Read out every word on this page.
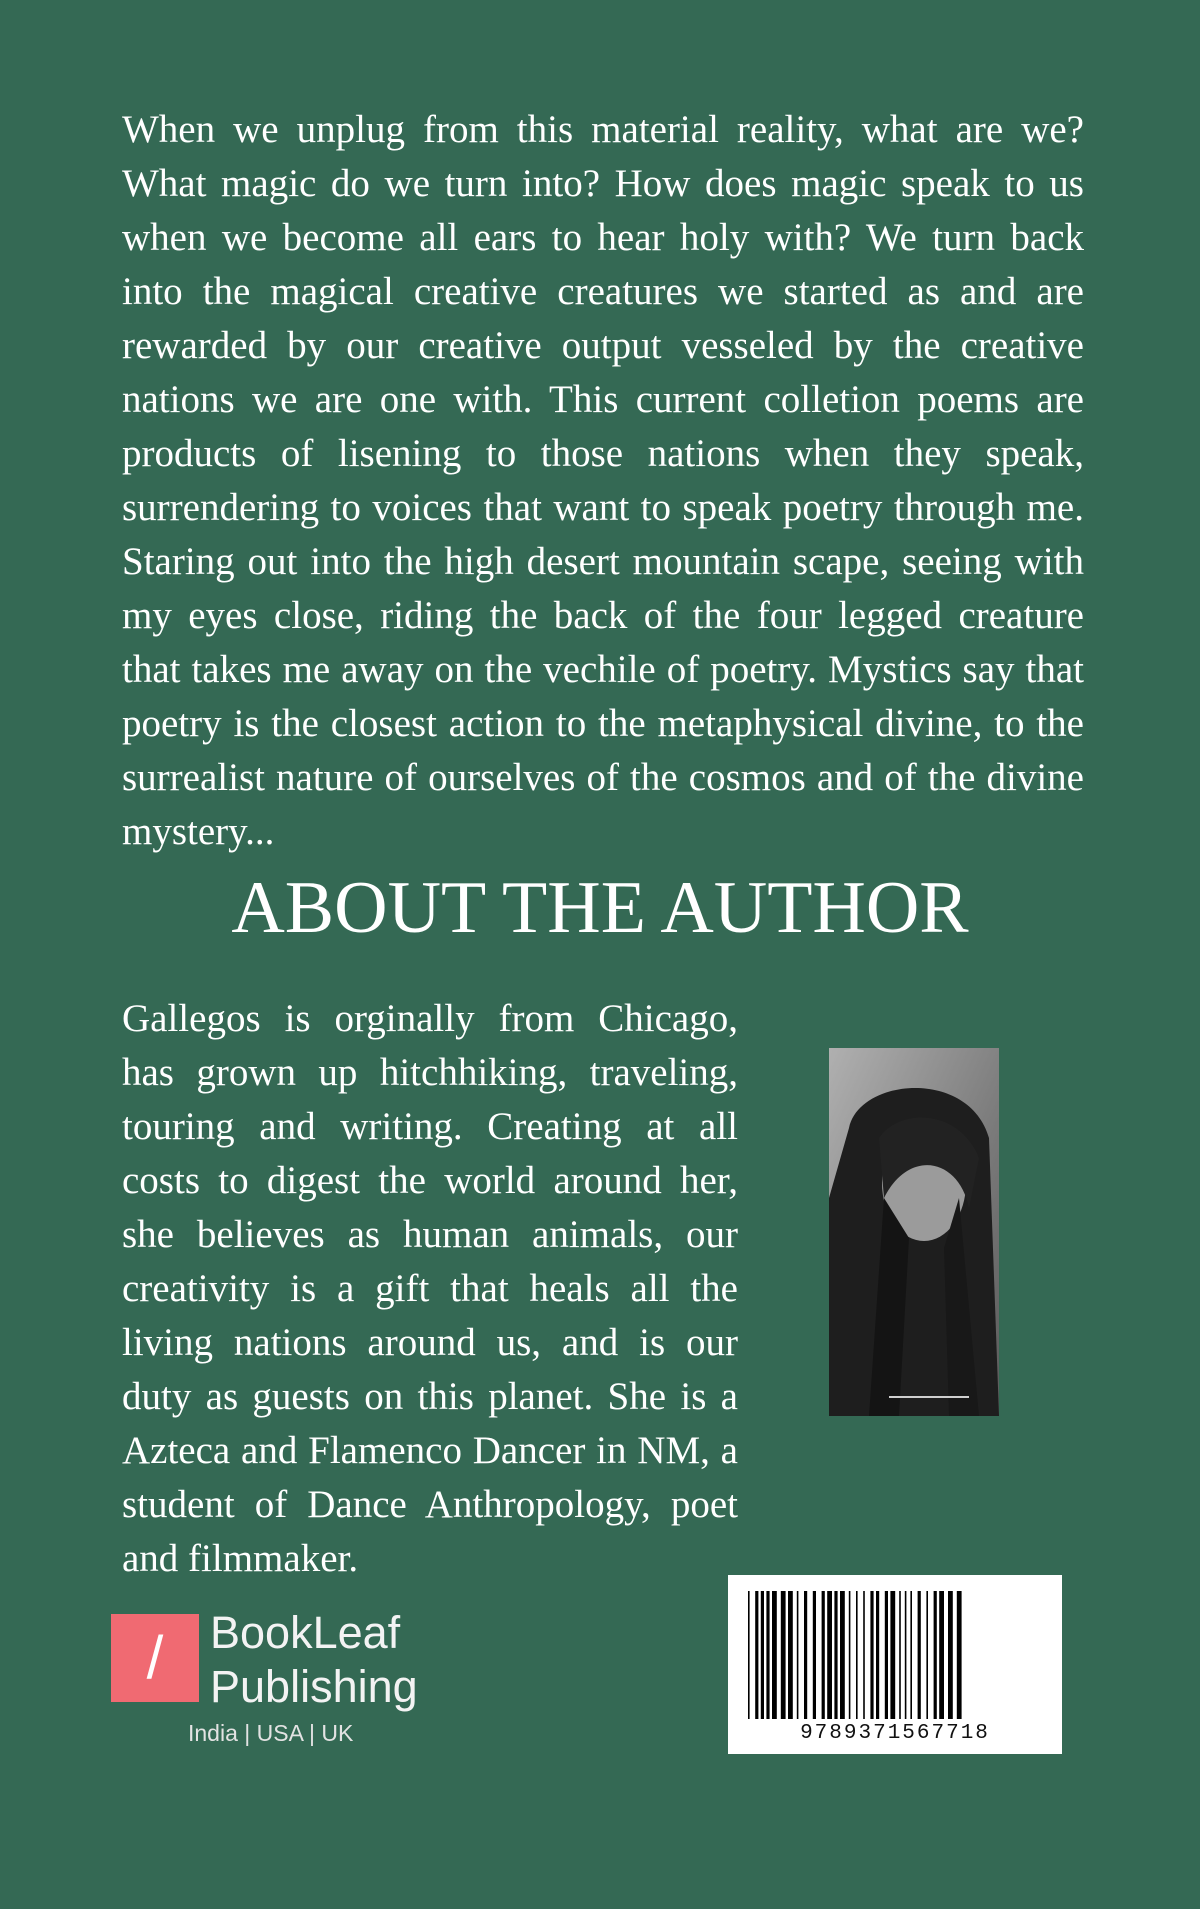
When we unplug from this material reality, what are we? What magic do we turn into? How does magic speak to us when we become all ears to hear holy with? We turn back into the magical creative creatures we started as and are rewarded by our creative output vesseled by the creative nations we are one with. This current colletion poems are products of lisening to those nations when they speak, surrendering to voices that want to speak poetry through me. Staring out into the high desert mountain scape, seeing with my eyes close, riding the back of the four legged creature that takes me away on the vechile of poetry. Mystics say that poetry is the closest action to the metaphysical divine, to the surrealist nature of ourselves of the cosmos and of the divine mystery...
ABOUT THE AUTHOR
Gallegos is orginally from Chicago, has grown up hitchhiking, traveling, touring and writing. Creating at all costs to digest the world around her, she believes as human animals, our creativity is a gift that heals all the living nations around us, and is our duty as guests on this planet. She is a Azteca and Flamenco Dancer in NM, a student of Dance Anthropology, poet and filmmaker.
/ BookLeaf
Publishing
India | USA | UK	9789371567718
